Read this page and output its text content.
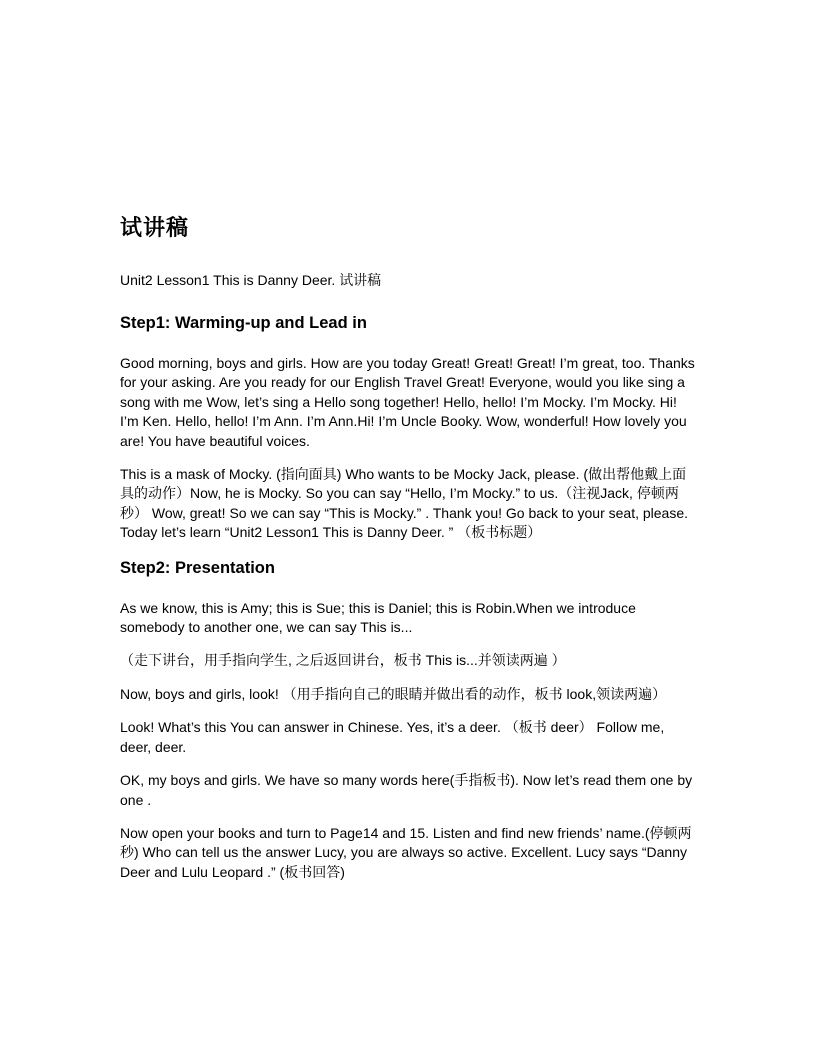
试讲稿

Unit2 Lesson1 This is Danny Deer. 试讲稿

Step1: Warming-up and Lead in

Good morning, boys and girls. How are you today Great! Great! Great! I’m great, too. Thanks for your asking. Are you ready for our English Travel Great! Everyone, would you like sing a song with me Wow, let’s sing a Hello song together! Hello, hello! I’m Mocky. I’m Mocky. Hi! I’m Ken. Hello, hello! I’m Ann. I’m Ann.Hi! I’m Uncle Booky. Wow, wonderful! How lovely you are! You have beautiful voices.

This is a mask of Mocky. (指向面具) Who wants to be Mocky Jack, please. (做出帮他戴上面具的动作）Now, he is Mocky. So you can say “Hello, I’m Mocky.” to us.（注视Jack, 停顿两秒） Wow, great! So we can say “This is Mocky.” . Thank you! Go back to your seat, please. Today let’s learn “Unit2 Lesson1 This is Danny Deer. ” （板书标题）

Step2: Presentation

As we know, this is Amy; this is Sue; this is Daniel; this is Robin.When we introduce somebody to another one, we can say This is...

（走下讲台，用手指向学生, 之后返回讲台，板书 This is...并领读两遍 ）

Now, boys and girls, look! （用手指向自己的眼睛并做出看的动作，板书 look,领读两遍）

Look! What’s this You can answer in Chinese. Yes, it’s a deer. （板书 deer） Follow me, deer, deer.

OK, my boys and girls. We have so many words here(手指板书). Now let’s read them one by one .

Now open your books and turn to Page14 and 15. Listen and find new friends’ name.(停顿两秒) Who can tell us the answer Lucy, you are always so active. Excellent. Lucy says “Danny Deer and Lulu Leopard .” (板书回答)
